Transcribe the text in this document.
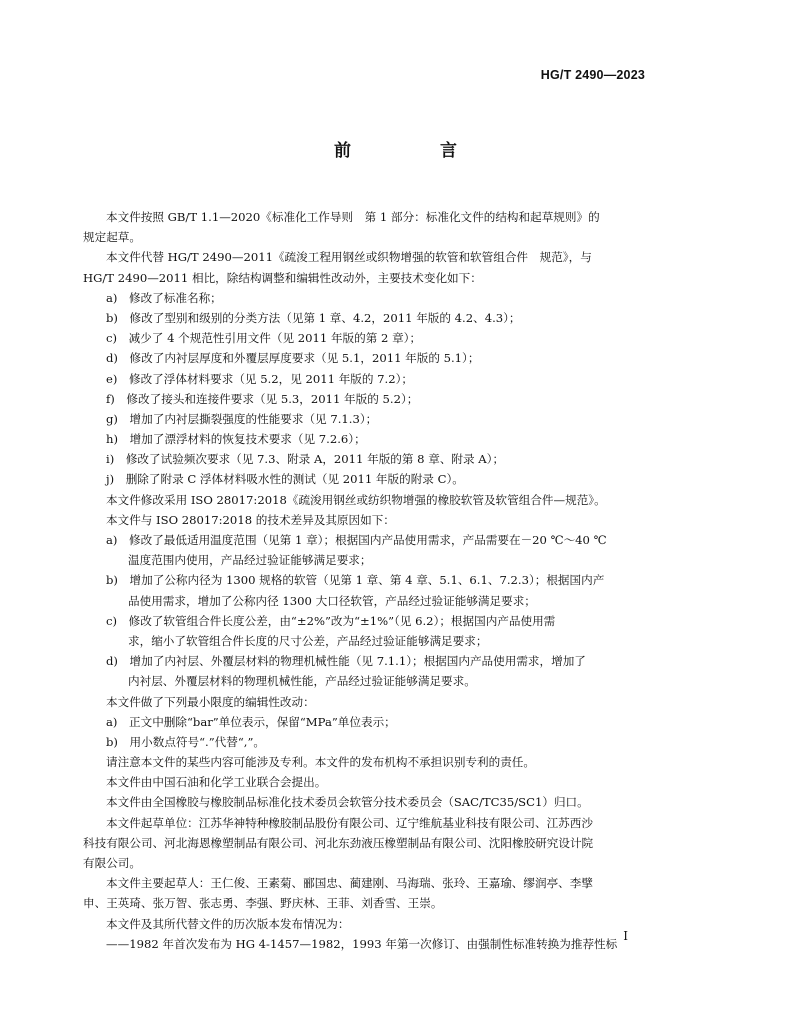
HG/T 2490—2023
前　言
本文件按照 GB/T 1.1—2020《标准化工作导则　第 1 部分：标准化文件的结构和起草规则》的
规定起草。
本文件代替 HG/T 2490—2011《疏浚工程用钢丝或织物增强的软管和软管组合件　规范》，与
HG/T 2490—2011 相比，除结构调整和编辑性改动外，主要技术变化如下：
a)　修改了标准名称；
b)　修改了型别和级别的分类方法（见第 1 章、4.2，2011 年版的 4.2、4.3）；
c)　减少了 4 个规范性引用文件（见 2011 年版的第 2 章）；
d)　修改了内衬层厚度和外覆层厚度要求（见 5.1，2011 年版的 5.1）；
e)　修改了浮体材料要求（见 5.2，见 2011 年版的 7.2）；
f)　修改了接头和连接件要求（见 5.3，2011 年版的 5.2）；
g)　增加了内衬层撕裂强度的性能要求（见 7.1.3）；
h)　增加了漂浮材料的恢复技术要求（见 7.2.6）；
i)　修改了试验频次要求（见 7.3、附录 A，2011 年版的第 8 章、附录 A）；
j)　删除了附录 C 浮体材料吸水性的测试（见 2011 年版的附录 C）。
本文件修改采用 ISO 28017:2018《疏浚用钢丝或纺织物增强的橡胶软管及软管组合件—规范》。
本文件与 ISO 28017:2018 的技术差异及其原因如下：
a)　修改了最低适用温度范围（见第 1 章）；根据国内产品使用需求，产品需要在－20 ℃～40 ℃
温度范围内使用，产品经过验证能够满足要求；
b)　增加了公称内径为 1300 规格的软管（见第 1 章、第 4 章、5.1、6.1、7.2.3）；根据国内产
品使用需求，增加了公称内径 1300 大口径软管，产品经过验证能够满足要求；
c)　修改了软管组合件长度公差，由“±2%”改为“±1%”（见 6.2）；根据国内产品使用需
求，缩小了软管组合件长度的尺寸公差，产品经过验证能够满足要求；
d)　增加了内衬层、外覆层材料的物理机械性能（见 7.1.1）；根据国内产品使用需求，增加了
内衬层、外覆层材料的物理机械性能，产品经过验证能够满足要求。
本文件做了下列最小限度的编辑性改动：
a)　正文中删除“bar”单位表示，保留“MPa”单位表示；
b)　用小数点符号“.”代替“,”。
请注意本文件的某些内容可能涉及专利。本文件的发布机构不承担识别专利的责任。
本文件由中国石油和化学工业联合会提出。
本文件由全国橡胶与橡胶制品标准化技术委员会软管分技术委员会（SAC/TC35/SC1）归口。
本文件起草单位：江苏华神特种橡胶制品股份有限公司、辽宁维航基业科技有限公司、江苏西沙
科技有限公司、河北海恩橡塑制品有限公司、河北东劲液压橡塑制品有限公司、沈阳橡胶研究设计院
有限公司。
本文件主要起草人：王仁俊、王素菊、郦国忠、蔺建刚、马海瑞、张玲、王嘉瑜、缪润亭、李擘
申、王英琦、张万智、张志勇、李强、野庆林、王菲、刘香雪、王崇。
本文件及其所代替文件的历次版本发布情况为：
——1982 年首次发布为 HG 4-1457—1982，1993 年第一次修订、由强制性标准转换为推荐性标
I
